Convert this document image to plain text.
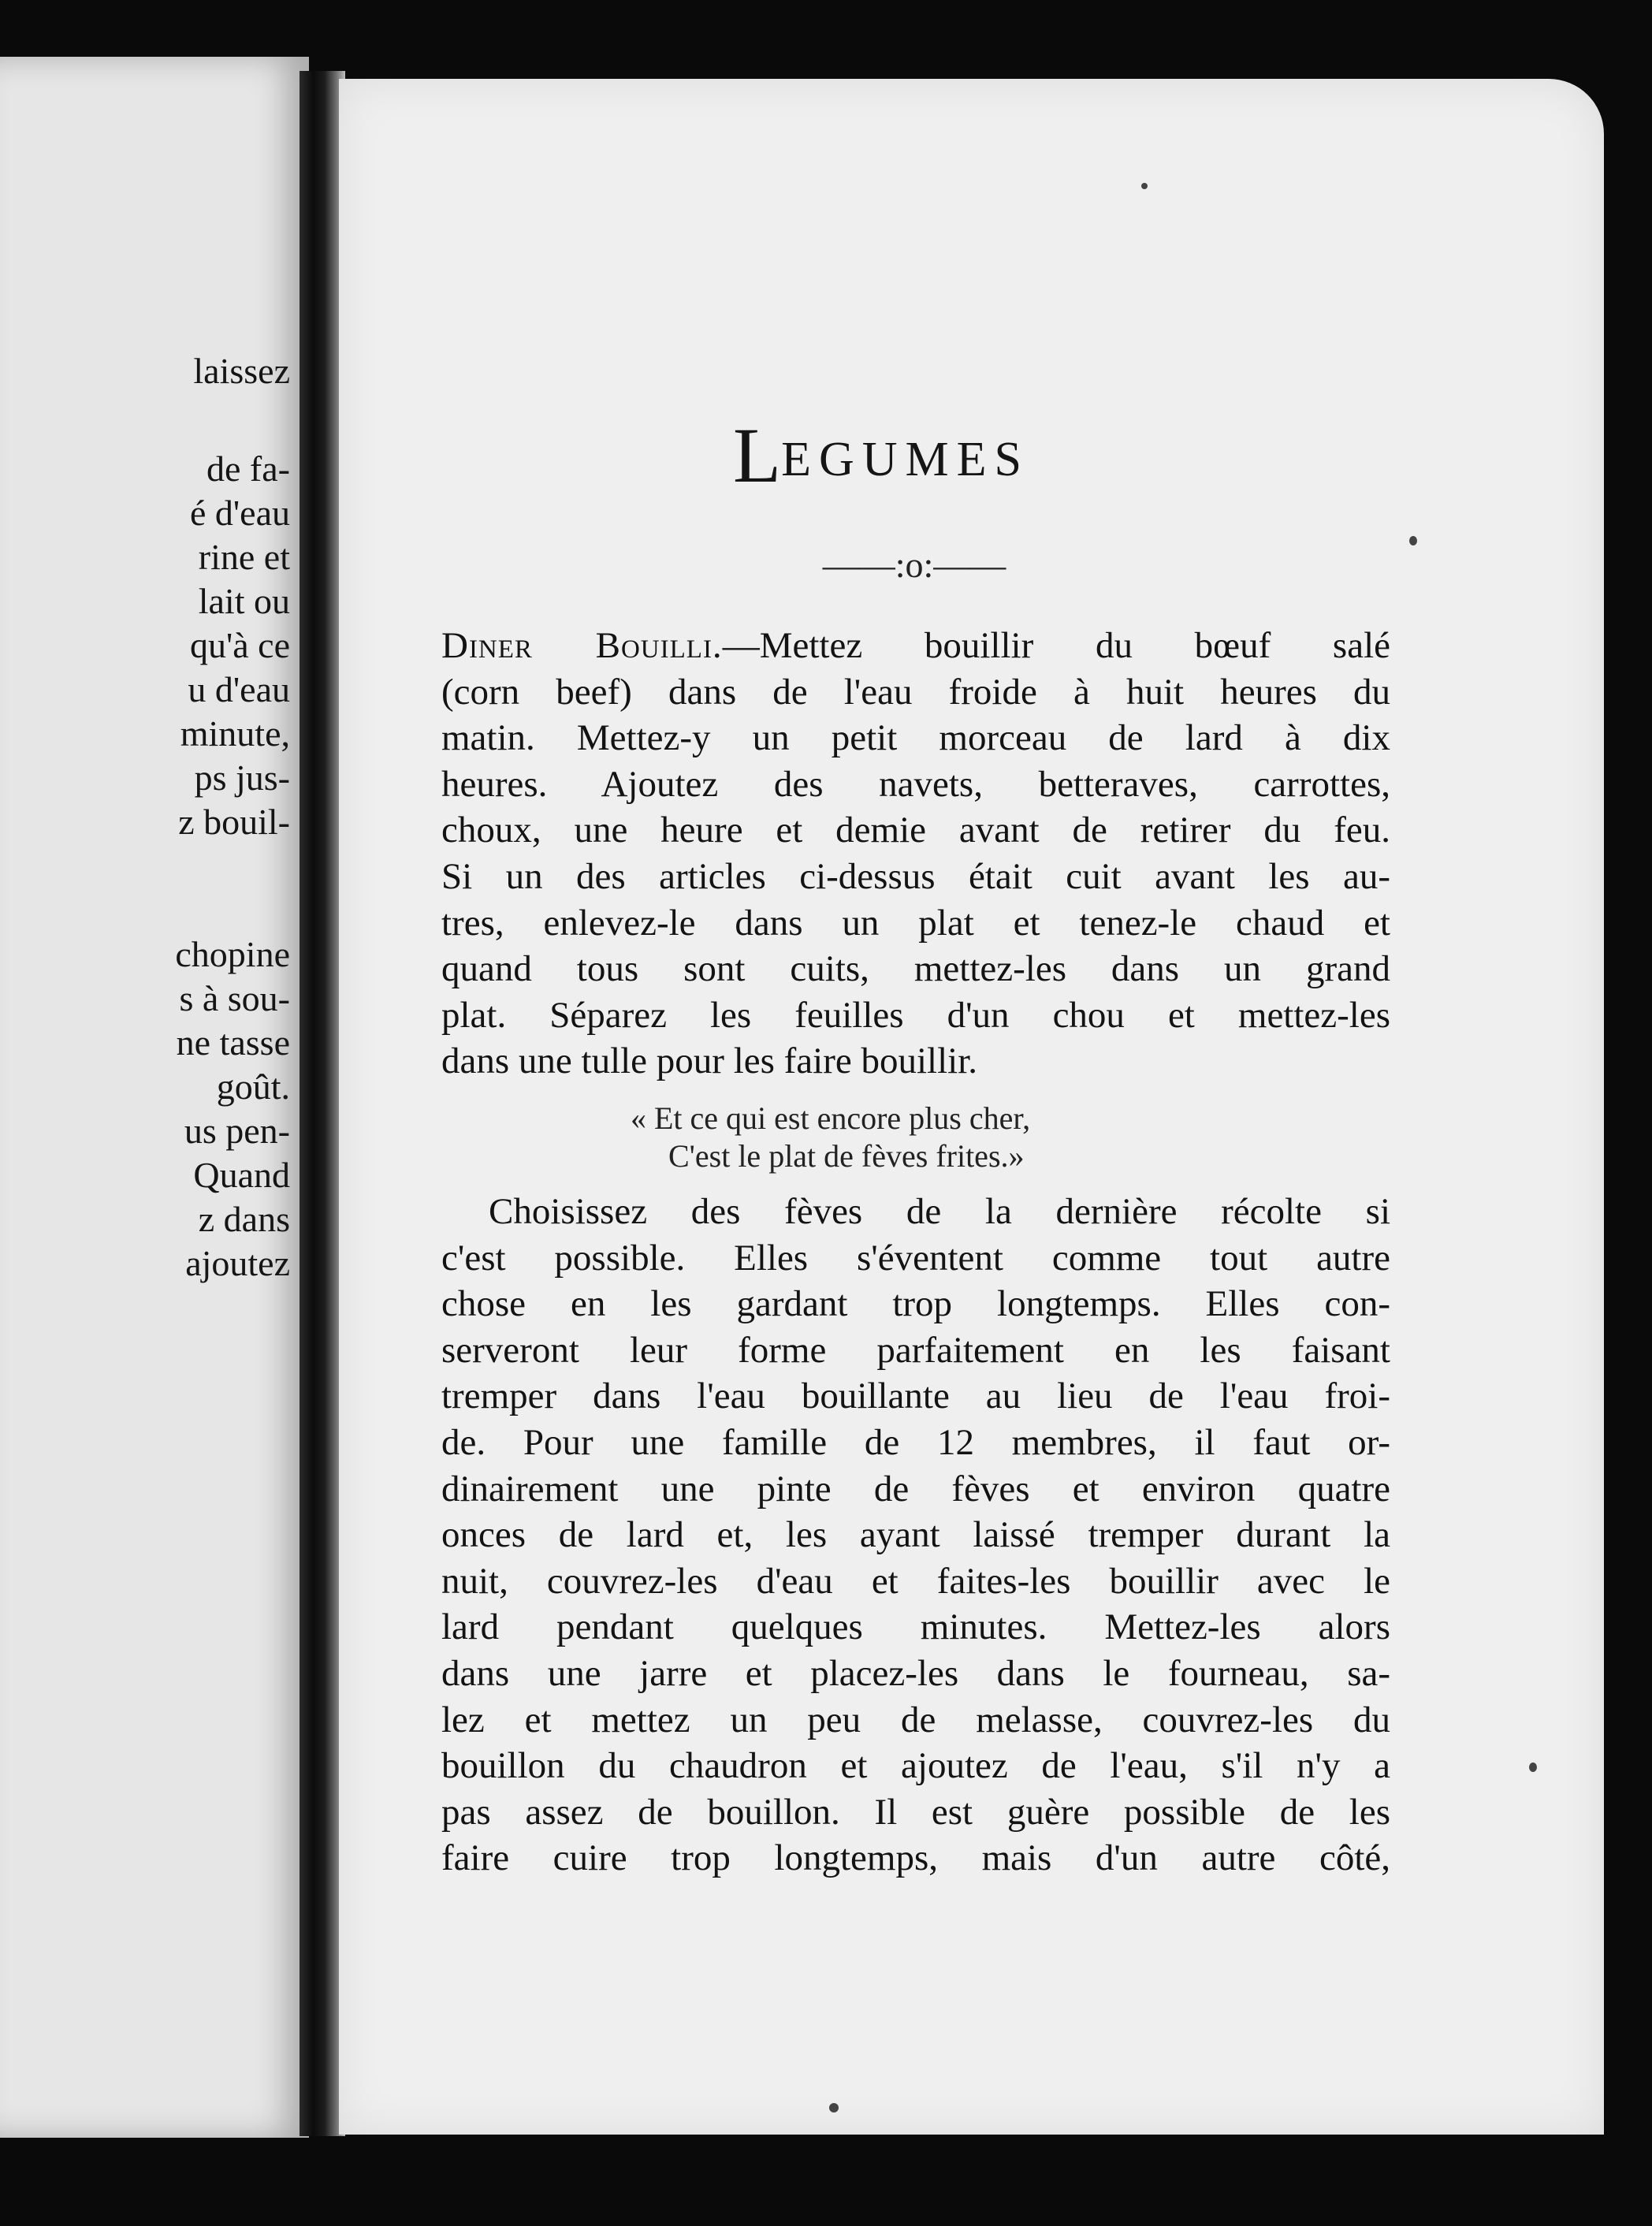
laissez
de fa-
é d'eau
rine et
lait ou
qu'à ce
u d'eau
minute,
ps jus-
z bouil-
chopine
s à sou-
ne tasse
goût.
us pen-
Quand
z dans
ajoutez
LEGUMES
——:o:——
Diner Bouilli.—Mettez bouillir du bœuf salé
(corn beef) dans de l'eau froide à huit heures du
matin. Mettez-y un petit morceau de lard à dix
heures. Ajoutez des navets, betteraves, carrottes,
choux, une heure et demie avant de retirer du feu.
Si un des articles ci-dessus était cuit avant les au-
tres, enlevez-le dans un plat et tenez-le chaud et
quand tous sont cuits, mettez-les dans un grand
plat. Séparez les feuilles d'un chou et mettez-les
dans une tulle pour les faire bouillir.
« Et ce qui est encore plus cher,
C'est le plat de fèves frites.»
Choisissez des fèves de la dernière récolte si
c'est possible. Elles s'éventent comme tout autre
chose en les gardant trop longtemps. Elles con-
serveront leur forme parfaitement en les faisant
tremper dans l'eau bouillante au lieu de l'eau froi-
de. Pour une famille de 12 membres, il faut or-
dinairement une pinte de fèves et environ quatre
onces de lard et, les ayant laissé tremper durant la
nuit, couvrez-les d'eau et faites-les bouillir avec le
lard pendant quelques minutes. Mettez-les alors
dans une jarre et placez-les dans le fourneau, sa-
lez et mettez un peu de melasse, couvrez-les du
bouillon du chaudron et ajoutez de l'eau, s'il n'y a
pas assez de bouillon. Il est guère possible de les
faire cuire trop longtemps, mais d'un autre côté,
